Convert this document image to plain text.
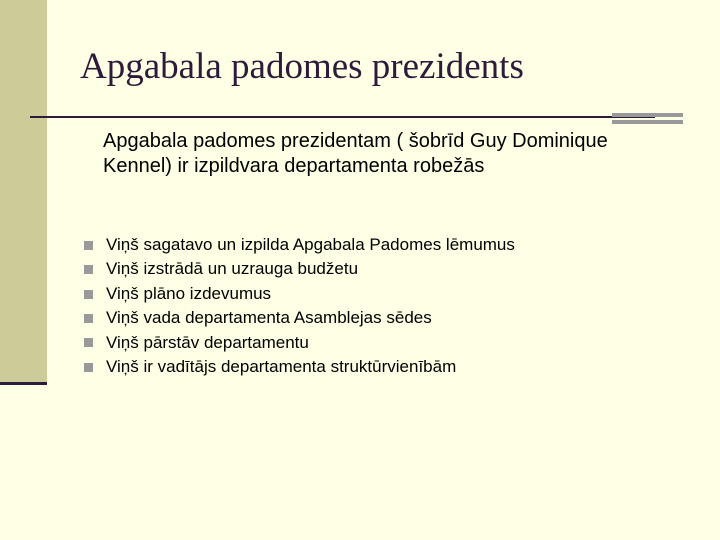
Apgabala padomes prezidents

Apgabala padomes prezidentam ( šobrīd Guy Dominique Kennel) ir izpildvara departamenta robežās

Viņš sagatavo un izpilda Apgabala Padomes lēmumus
Viņš izstrādā un uzrauga budžetu
Viņš plāno izdevumus
Viņš vada departamenta Asamblejas sēdes
Viņš pārstāv departamentu
Viņš ir vadītājs departamenta struktūrvienībām
